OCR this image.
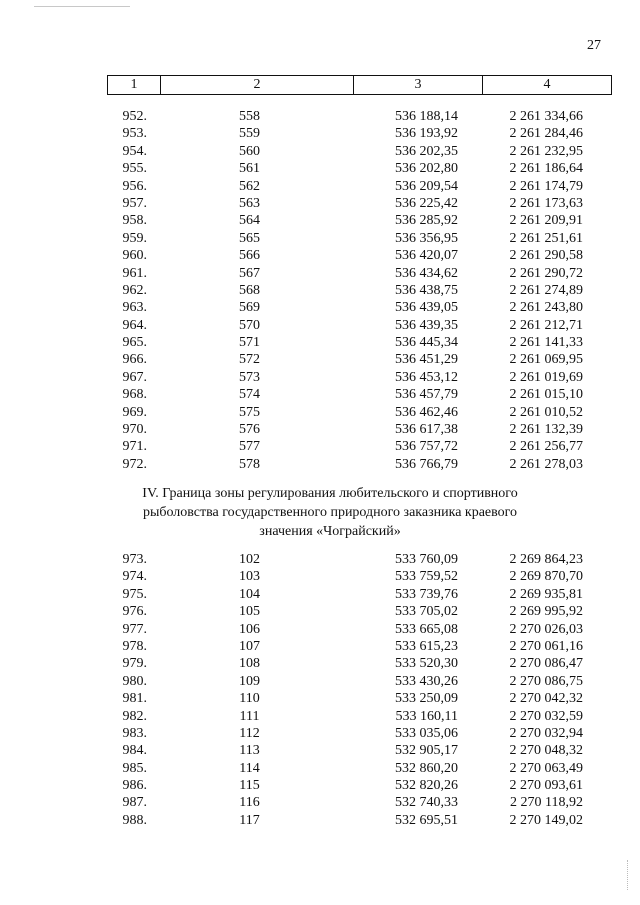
27
1	2	3	4
952.	558	536 188,14	2 261 334,66
953.	559	536 193,92	2 261 284,46
954.	560	536 202,35	2 261 232,95
955.	561	536 202,80	2 261 186,64
956.	562	536 209,54	2 261 174,79
957.	563	536 225,42	2 261 173,63
958.	564	536 285,92	2 261 209,91
959.	565	536 356,95	2 261 251,61
960.	566	536 420,07	2 261 290,58
961.	567	536 434,62	2 261 290,72
962.	568	536 438,75	2 261 274,89
963.	569	536 439,05	2 261 243,80
964.	570	536 439,35	2 261 212,71
965.	571	536 445,34	2 261 141,33
966.	572	536 451,29	2 261 069,95
967.	573	536 453,12	2 261 019,69
968.	574	536 457,79	2 261 015,10
969.	575	536 462,46	2 261 010,52
970.	576	536 617,38	2 261 132,39
971.	577	536 757,72	2 261 256,77
972.	578	536 766,79	2 261 278,03
IV. Граница зоны регулирования любительского и спортивного
рыболовства государственного природного заказника краевого
значения «Чограйский»
973.	102	533 760,09	2 269 864,23
974.	103	533 759,52	2 269 870,70
975.	104	533 739,76	2 269 935,81
976.	105	533 705,02	2 269 995,92
977.	106	533 665,08	2 270 026,03
978.	107	533 615,23	2 270 061,16
979.	108	533 520,30	2 270 086,47
980.	109	533 430,26	2 270 086,75
981.	110	533 250,09	2 270 042,32
982.	111	533 160,11	2 270 032,59
983.	112	533 035,06	2 270 032,94
984.	113	532 905,17	2 270 048,32
985.	114	532 860,20	2 270 063,49
986.	115	532 820,26	2 270 093,61
987.	116	532 740,33	2 270 118,92
988.	117	532 695,51	2 270 149,02
